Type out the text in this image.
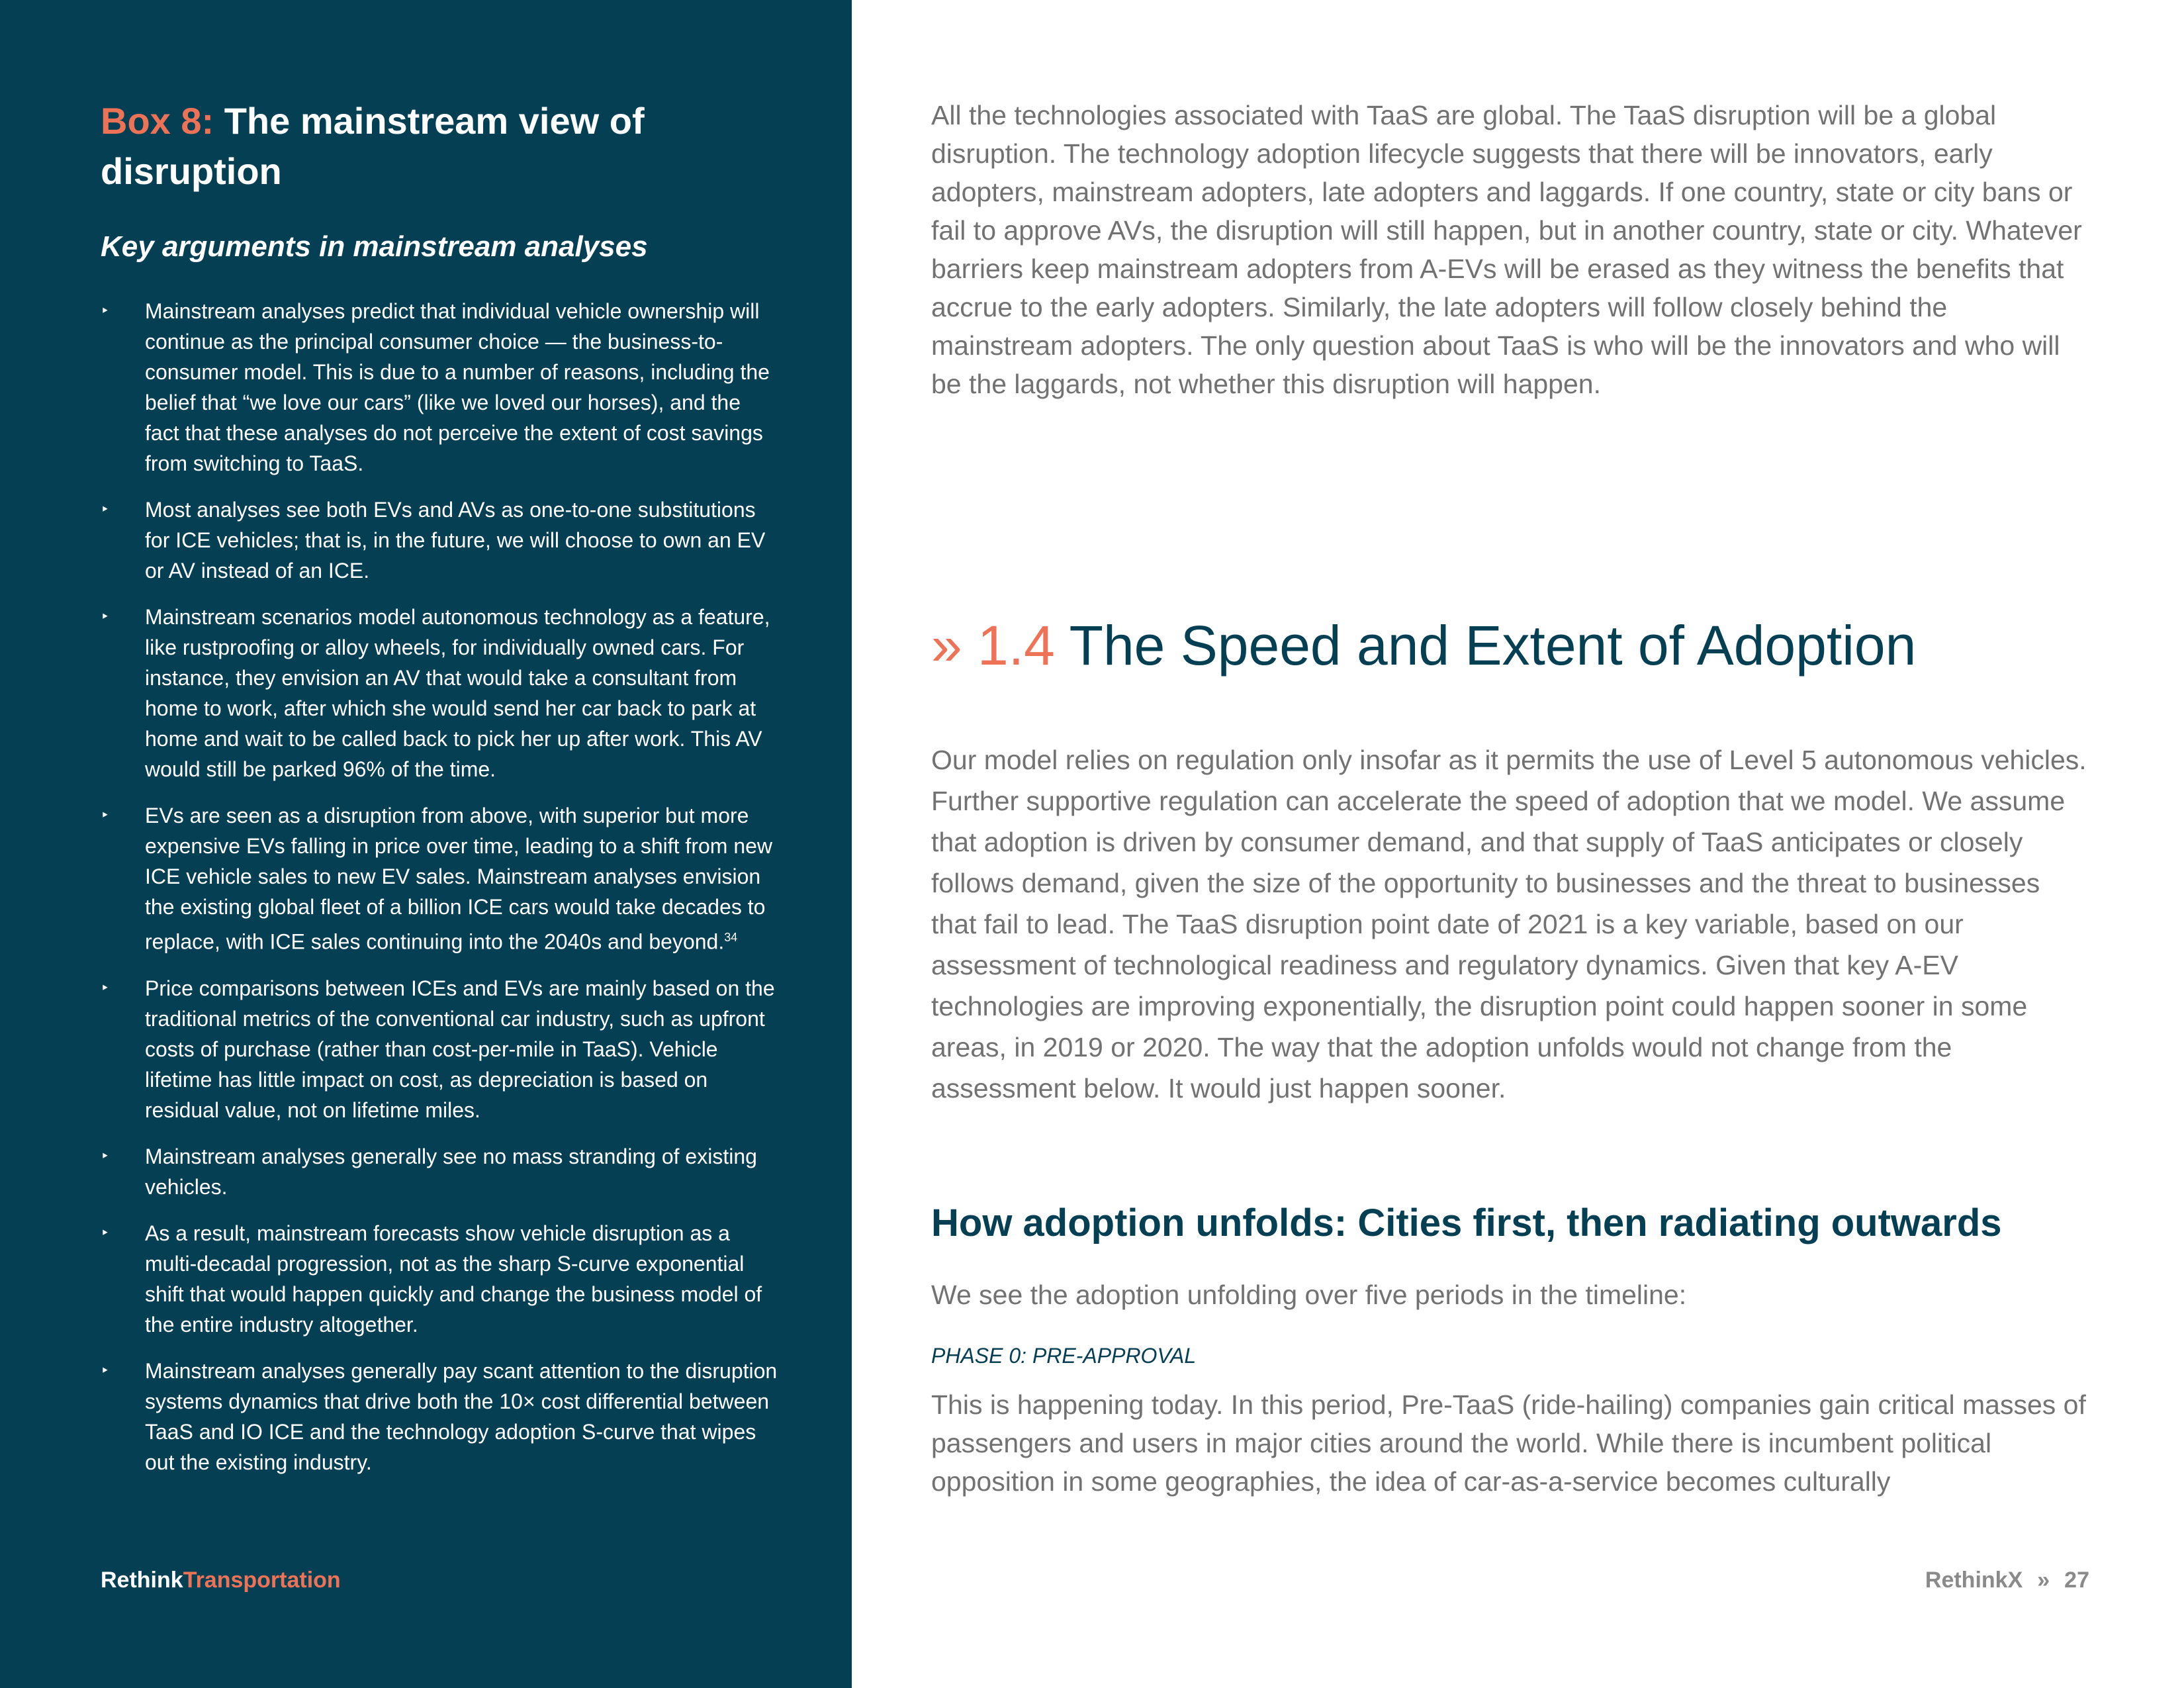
Box 8: The mainstream view of disruption

Key arguments in mainstream analyses

‣ Mainstream analyses predict that individual vehicle ownership will continue as the principal consumer choice — the business-to-consumer model. This is due to a number of reasons, including the belief that “we love our cars” (like we loved our horses), and the fact that these analyses do not perceive the extent of cost savings from switching to TaaS.
‣ Most analyses see both EVs and AVs as one-to-one substitutions for ICE vehicles; that is, in the future, we will choose to own an EV or AV instead of an ICE.
‣ Mainstream scenarios model autonomous technology as a feature, like rustproofing or alloy wheels, for individually owned cars. For instance, they envision an AV that would take a consultant from home to work, after which she would send her car back to park at home and wait to be called back to pick her up after work. This AV would still be parked 96% of the time.
‣ EVs are seen as a disruption from above, with superior but more expensive EVs falling in price over time, leading to a shift from new ICE vehicle sales to new EV sales. Mainstream analyses envision the existing global fleet of a billion ICE cars would take decades to replace, with ICE sales continuing into the 2040s and beyond.$^{34}$
‣ Price comparisons between ICEs and EVs are mainly based on the traditional metrics of the conventional car industry, such as upfront costs of purchase (rather than cost-per-mile in TaaS). Vehicle lifetime has little impact on cost, as depreciation is based on residual value, not on lifetime miles.
‣ Mainstream analyses generally see no mass stranding of existing vehicles.
‣ As a result, mainstream forecasts show vehicle disruption as a multi-decadal progression, not as the sharp S-curve exponential shift that would happen quickly and change the business model of the entire industry altogether.
‣ Mainstream analyses generally pay scant attention to the disruption systems dynamics that drive both the 10× cost differential between TaaS and IO ICE and the technology adoption S-curve that wipes out the existing industry.
RethinkTransportation

All the technologies associated with TaaS are global. The TaaS disruption will be a global disruption. The technology adoption lifecycle suggests that there will be innovators, early adopters, mainstream adopters, late adopters and laggards. If one country, state or city bans or fail to approve AVs, the disruption will still happen, but in another country, state or city. Whatever barriers keep mainstream adopters from A-EVs will be erased as they witness the benefits that accrue to the early adopters. Similarly, the late adopters will follow closely behind the mainstream adopters. The only question about TaaS is who will be the innovators and who will be the laggards, not whether this disruption will happen.

» 1.4 The Speed and Extent of Adoption

Our model relies on regulation only insofar as it permits the use of Level 5 autonomous vehicles. Further supportive regulation can accelerate the speed of adoption that we model. We assume that adoption is driven by consumer demand, and that supply of TaaS anticipates or closely follows demand, given the size of the opportunity to businesses and the threat to businesses that fail to lead. The TaaS disruption point date of 2021 is a key variable, based on our assessment of technological readiness and regulatory dynamics. Given that key A-EV technologies are improving exponentially, the disruption point could happen sooner in some areas, in 2019 or 2020. The way that the adoption unfolds would not change from the assessment below. It would just happen sooner.

How adoption unfolds: Cities first, then radiating outwards

We see the adoption unfolding over five periods in the timeline:

PHASE 0: PRE-APPROVAL

This is happening today. In this period, Pre-TaaS (ride-hailing) companies gain critical masses of passengers and users in major cities around the world. While there is incumbent political opposition in some geographies, the idea of car-as-a-service becomes culturally

RethinkX » 27
